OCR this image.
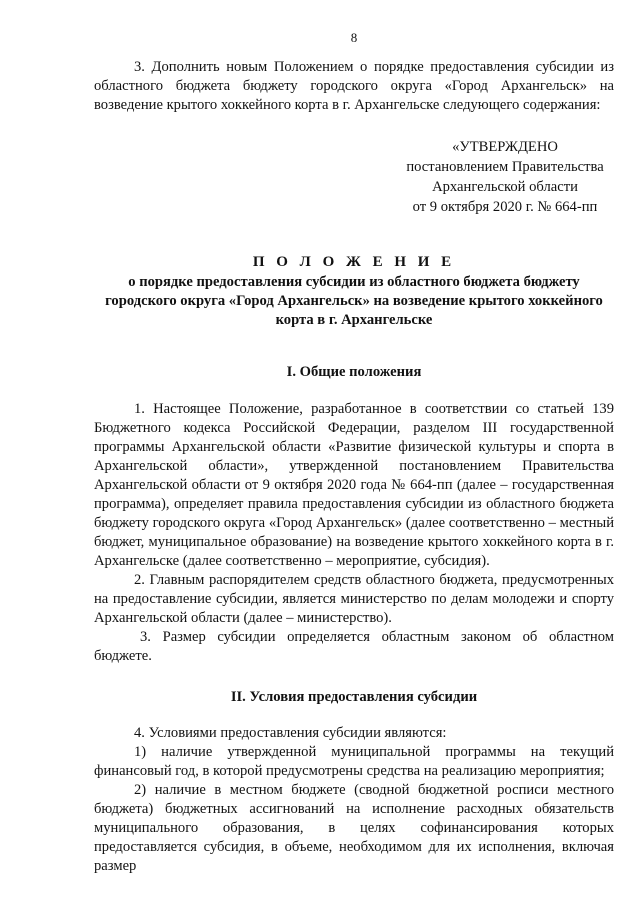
8

3. Дополнить новым Положением о порядке предоставления субсидии из областного бюджета бюджету городского округа «Город Архангельск» на возведение крытого хоккейного корта в г. Архангельске следующего содержания:

«УТВЕРЖДЕНО
постановлением Правительства
Архангельской области
от 9 октября 2020 г. № 664-пп
П О Л О Ж Е Н И Е
о порядке предоставления субсидии из областного бюджета бюджету городского округа «Город Архангельск» на возведение крытого хоккейного корта в г. Архангельске
I. Общие положения

1. Настоящее Положение, разработанное в соответствии со статьей 139 Бюджетного кодекса Российской Федерации, разделом III государственной программы Архангельской области «Развитие физической культуры и спорта в Архангельской области», утвержденной постановлением Правительства Архангельской области от 9 октября 2020 года № 664-пп (далее – государственная программа), определяет правила предоставления субсидии из областного бюджета бюджету городского округа «Город Архангельск» (далее соответственно – местный бюджет, муниципальное образование) на возведение крытого хоккейного корта в г. Архангельске (далее соответственно – мероприятие, субсидия).

2. Главным распорядителем средств областного бюджета, предусмотренных на предоставление субсидии, является министерство по делам молодежи и спорту Архангельской области (далее – министерство).

3. Размер субсидии определяется областным законом об областном бюджете.

II. Условия предоставления субсидии

4. Условиями предоставления субсидии являются:

1) наличие утвержденной муниципальной программы на текущий финансовый год, в которой предусмотрены средства на реализацию мероприятия;

2) наличие в местном бюджете (сводной бюджетной росписи местного бюджета) бюджетных ассигнований на исполнение расходных обязательств муниципального образования, в целях софинансирования которых предоставляется субсидия, в объеме, необходимом для их исполнения, включая размер
